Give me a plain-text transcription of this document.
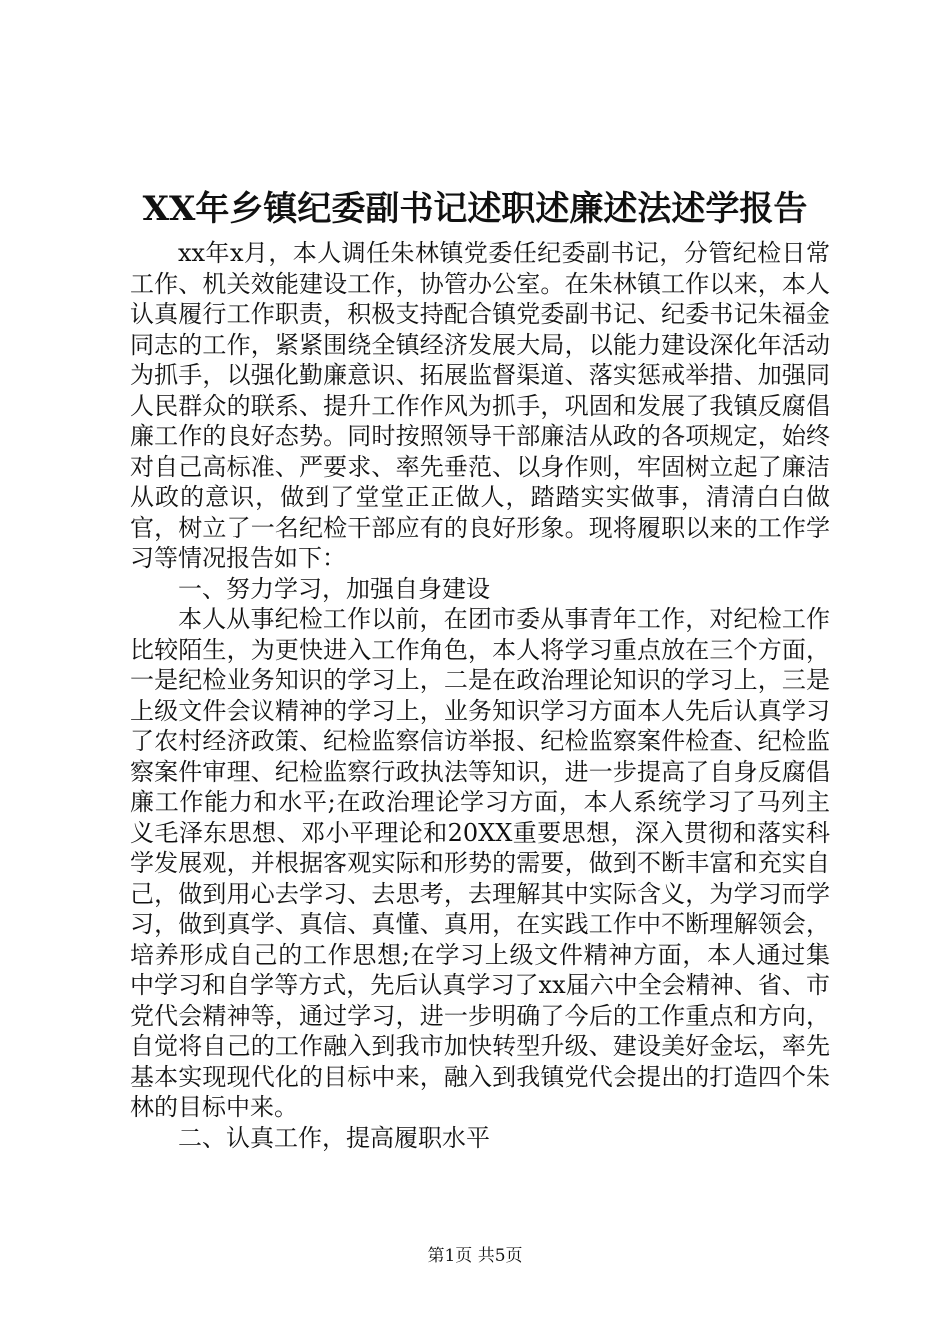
XX年乡镇纪委副书记述职述廉述法述学报告

xx年x月，本人调任朱林镇党委任纪委副书记，分管纪检日常工作、机关效能建设工作，协管办公室。在朱林镇工作以来，本人认真履行工作职责，积极支持配合镇党委副书记、纪委书记朱福金同志的工作，紧紧围绕全镇经济发展大局，以能力建设深化年活动为抓手，以强化勤廉意识、拓展监督渠道、落实惩戒举措、加强同人民群众的联系、提升工作作风为抓手，巩固和发展了我镇反腐倡廉工作的良好态势。同时按照领导干部廉洁从政的各项规定，始终对自己高标准、严要求、率先垂范、以身作则，牢固树立起了廉洁从政的意识，做到了堂堂正正做人，踏踏实实做事，清清白白做官，树立了一名纪检干部应有的良好形象。现将履职以来的工作学习等情况报告如下：

一、努力学习，加强自身建设

本人从事纪检工作以前，在团市委从事青年工作，对纪检工作比较陌生，为更快进入工作角色，本人将学习重点放在三个方面，一是纪检业务知识的学习上，二是在政治理论知识的学习上，三是上级文件会议精神的学习上，业务知识学习方面本人先后认真学习了农村经济政策、纪检监察信访举报、纪检监察案件检查、纪检监察案件审理、纪检监察行政执法等知识，进一步提高了自身反腐倡廉工作能力和水平;在政治理论学习方面，本人系统学习了马列主义毛泽东思想、邓小平理论和20XX重要思想，深入贯彻和落实科学发展观，并根据客观实际和形势的需要，做到不断丰富和充实自己，做到用心去学习、去思考，去理解其中实际含义，为学习而学习，做到真学、真信、真懂、真用，在实践工作中不断理解领会，培养形成自己的工作思想;在学习上级文件精神方面，本人通过集中学习和自学等方式，先后认真学习了xx届六中全会精神、省、市党代会精神等，通过学习，进一步明确了今后的工作重点和方向，自觉将自己的工作融入到我市加快转型升级、建设美好金坛，率先基本实现现代化的目标中来，融入到我镇党代会提出的打造四个朱林的目标中来。

二、认真工作，提高履职水平

第1页 共5页
